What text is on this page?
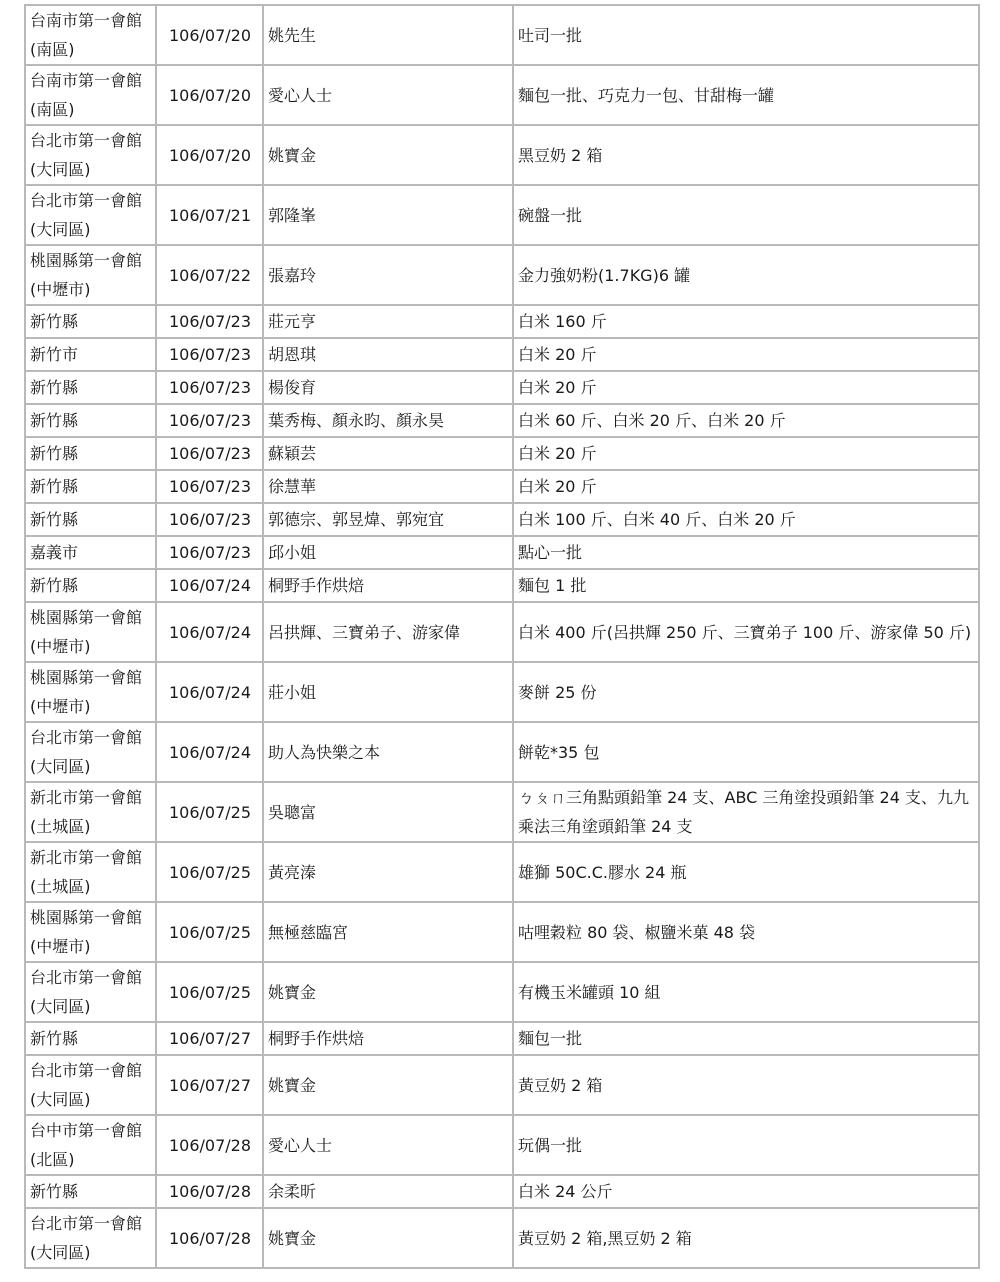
台南市第一會館
(南區)	106/07/20	姚先生	吐司一批

台南市第一會館
(南區)	106/07/20	愛心人士	麵包一批、巧克力一包、甘甜梅一罐

台北市第一會館
(大同區)	106/07/20	姚寶金	黑豆奶 2 箱

台北市第一會館
(大同區)	106/07/21	郭隆峯	碗盤一批

桃園縣第一會館
(中壢市)	106/07/22	張嘉玲	金力強奶粉(1.7KG)6 罐

新竹縣	106/07/23	莊元亨	白米 160 斤

新竹市	106/07/23	胡恩琪	白米 20 斤

新竹縣	106/07/23	楊俊育	白米 20 斤

新竹縣	106/07/23	葉秀梅、顏永昀、顏永昊	白米 60 斤、白米 20 斤、白米 20 斤

新竹縣	106/07/23	蘇穎芸	白米 20 斤

新竹縣	106/07/23	徐慧華	白米 20 斤

新竹縣	106/07/23	郭德宗、郭昱煒、郭宛宜	白米 100 斤、白米 40 斤、白米 20 斤

嘉義市	106/07/23	邱小姐	點心一批

新竹縣	106/07/24	桐野手作烘焙	麵包 1 批

桃園縣第一會館
(中壢市)	106/07/24	呂拱輝、三寶弟子、游家偉	白米 400 斤(呂拱輝 250 斤、三寶弟子 100 斤、游家偉 50 斤)

桃園縣第一會館
(中壢市)	106/07/24	莊小姐	麥餅 25 份

台北市第一會館
(大同區)	106/07/24	助人為快樂之本	餅乾*35 包

新北市第一會館
(土城區)	106/07/25	吳聰富	ㄅㄆㄇ三角點頭鉛筆 24 支、ABC 三角塗投頭鉛筆 24 支、九九乘法三角塗頭鉛筆 24 支

新北市第一會館
(土城區)	106/07/25	黃亮溱	雄獅 50C.C.膠水 24 瓶

桃園縣第一會館
(中壢市)	106/07/25	無極慈臨宮	咕哩穀粒 80 袋、椒鹽米菓 48 袋

台北市第一會館
(大同區)	106/07/25	姚寶金	有機玉米罐頭 10 組

新竹縣	106/07/27	桐野手作烘焙	麵包一批

台北市第一會館
(大同區)	106/07/27	姚寶金	黃豆奶 2 箱

台中市第一會館
(北區)	106/07/28	愛心人士	玩偶一批

新竹縣	106/07/28	余柔昕	白米 24 公斤

台北市第一會館
(大同區)	106/07/28	姚寶金	黃豆奶 2 箱,黑豆奶 2 箱
